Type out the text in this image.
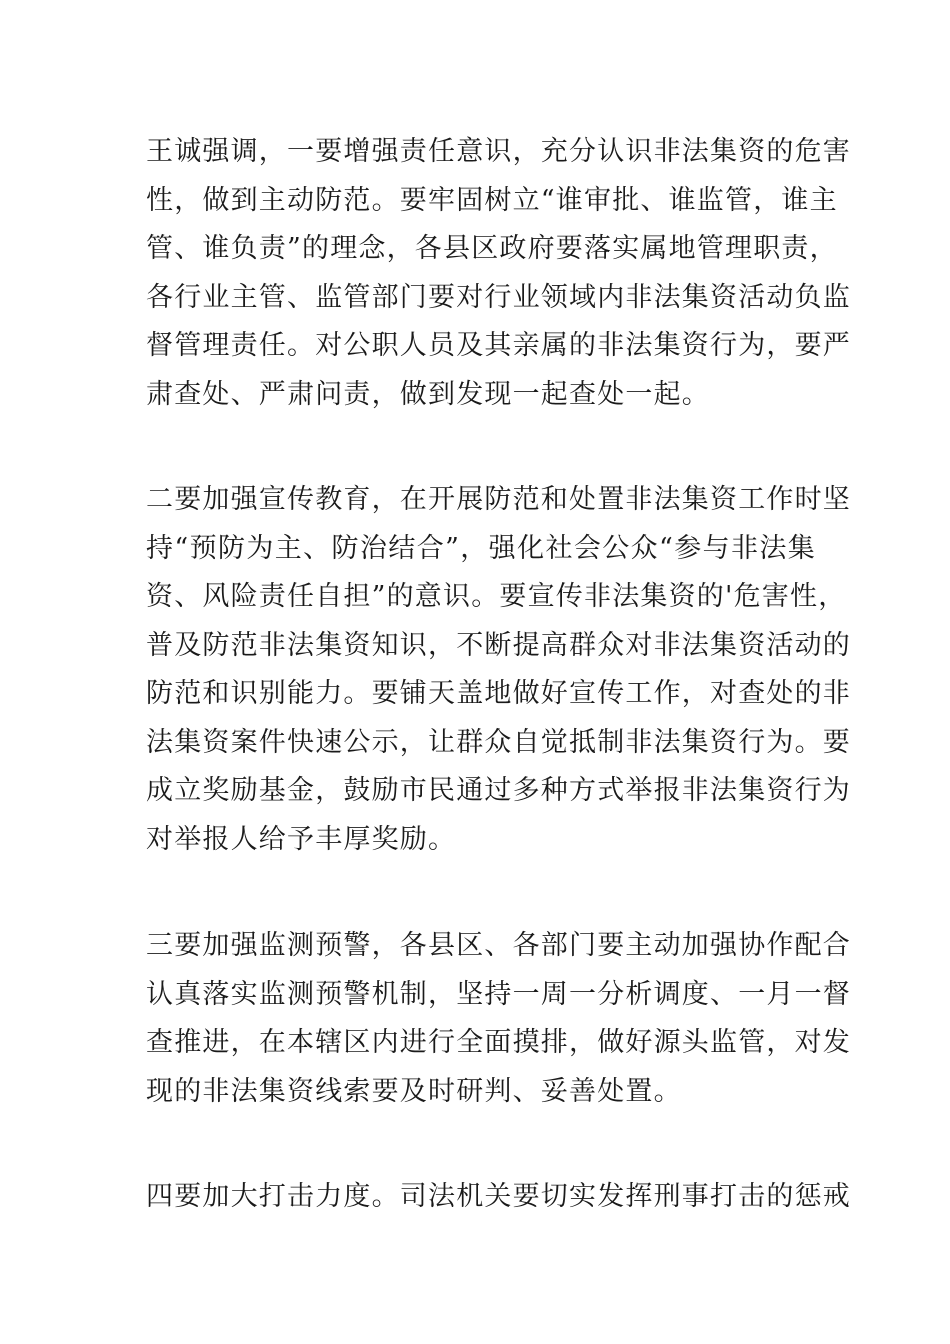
王诚强调，一要增强责任意识，充分认识非法集资的危害
性，做到主动防范。要牢固树立“谁审批、谁监管，谁主
管、谁负责”的理念，各县区政府要落实属地管理职责，
各行业主管、监管部门要对行业领域内非法集资活动负监
督管理责任。对公职人员及其亲属的非法集资行为，要严
肃查处、严肃问责，做到发现一起查处一起。
二要加强宣传教育，在开展防范和处置非法集资工作时坚
持“预防为主、防治结合”，强化社会公众“参与非法集
资、风险责任自担”的意识。要宣传非法集资的'危害性，
普及防范非法集资知识，不断提高群众对非法集资活动的
防范和识别能力。要铺天盖地做好宣传工作，对查处的非
法集资案件快速公示，让群众自觉抵制非法集资行为。要
成立奖励基金，鼓励市民通过多种方式举报非法集资行为
对举报人给予丰厚奖励。
三要加强监测预警，各县区、各部门要主动加强协作配合
认真落实监测预警机制，坚持一周一分析调度、一月一督
查推进，在本辖区内进行全面摸排，做好源头监管，对发
现的非法集资线索要及时研判、妥善处置。
四要加大打击力度。司法机关要切实发挥刑事打击的惩戒
